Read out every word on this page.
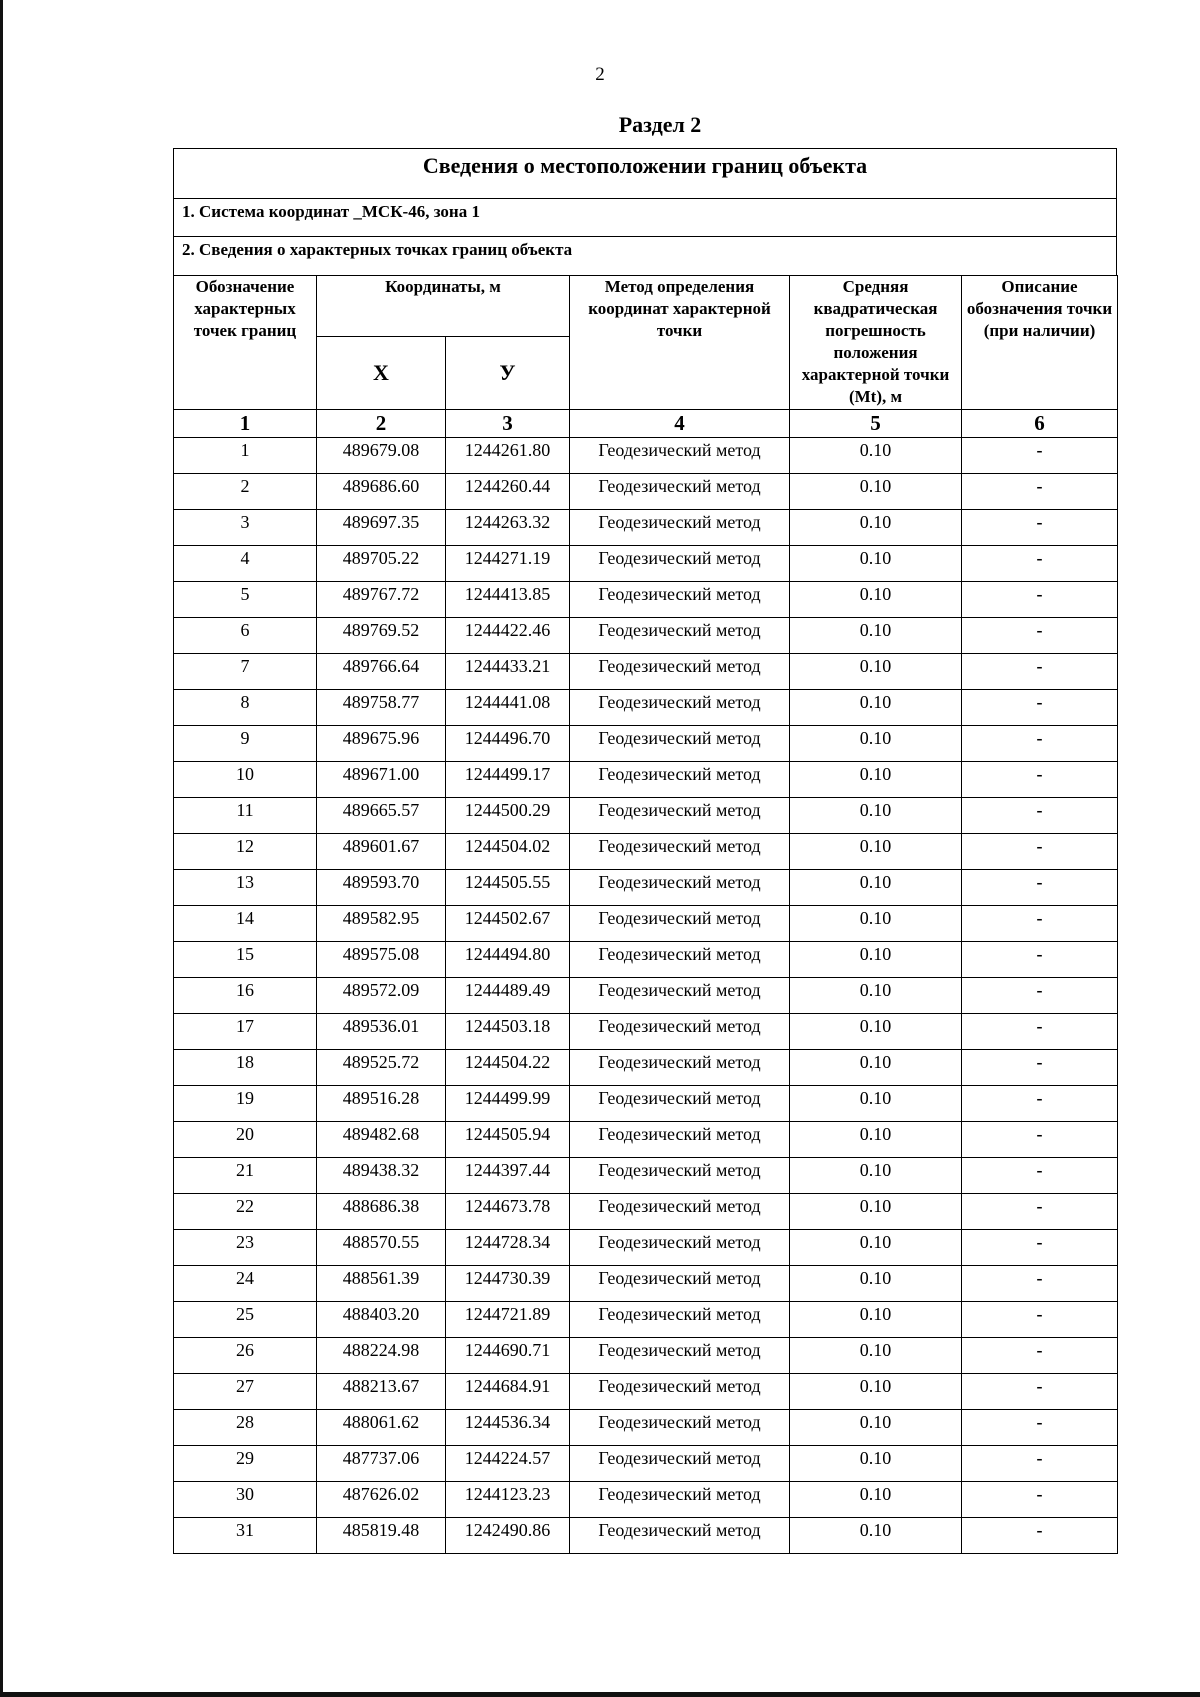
2
Раздел 2
Сведения о местоположении границ объекта
1. Система координат _МСК-46, зона 1
2. Сведения о характерных точках границ объекта
Обозначение характерных точек границ	Координаты, м		Метод определения координат характерной точки	Средняя квадратическая погрешность положения характерной точки (Mt), м	Описание обозначения точки (при наличии)
	X	У			
1	2	3	4	5	6
1	489679.08	1244261.80	Геодезический метод	0.10	-
2	489686.60	1244260.44	Геодезический метод	0.10	-
3	489697.35	1244263.32	Геодезический метод	0.10	-
4	489705.22	1244271.19	Геодезический метод	0.10	-
5	489767.72	1244413.85	Геодезический метод	0.10	-
6	489769.52	1244422.46	Геодезический метод	0.10	-
7	489766.64	1244433.21	Геодезический метод	0.10	-
8	489758.77	1244441.08	Геодезический метод	0.10	-
9	489675.96	1244496.70	Геодезический метод	0.10	-
10	489671.00	1244499.17	Геодезический метод	0.10	-
11	489665.57	1244500.29	Геодезический метод	0.10	-
12	489601.67	1244504.02	Геодезический метод	0.10	-
13	489593.70	1244505.55	Геодезический метод	0.10	-
14	489582.95	1244502.67	Геодезический метод	0.10	-
15	489575.08	1244494.80	Геодезический метод	0.10	-
16	489572.09	1244489.49	Геодезический метод	0.10	-
17	489536.01	1244503.18	Геодезический метод	0.10	-
18	489525.72	1244504.22	Геодезический метод	0.10	-
19	489516.28	1244499.99	Геодезический метод	0.10	-
20	489482.68	1244505.94	Геодезический метод	0.10	-
21	489438.32	1244397.44	Геодезический метод	0.10	-
22	488686.38	1244673.78	Геодезический метод	0.10	-
23	488570.55	1244728.34	Геодезический метод	0.10	-
24	488561.39	1244730.39	Геодезический метод	0.10	-
25	488403.20	1244721.89	Геодезический метод	0.10	-
26	488224.98	1244690.71	Геодезический метод	0.10	-
27	488213.67	1244684.91	Геодезический метод	0.10	-
28	488061.62	1244536.34	Геодезический метод	0.10	-
29	487737.06	1244224.57	Геодезический метод	0.10	-
30	487626.02	1244123.23	Геодезический метод	0.10	-
31	485819.48	1242490.86	Геодезический метод	0.10	-
